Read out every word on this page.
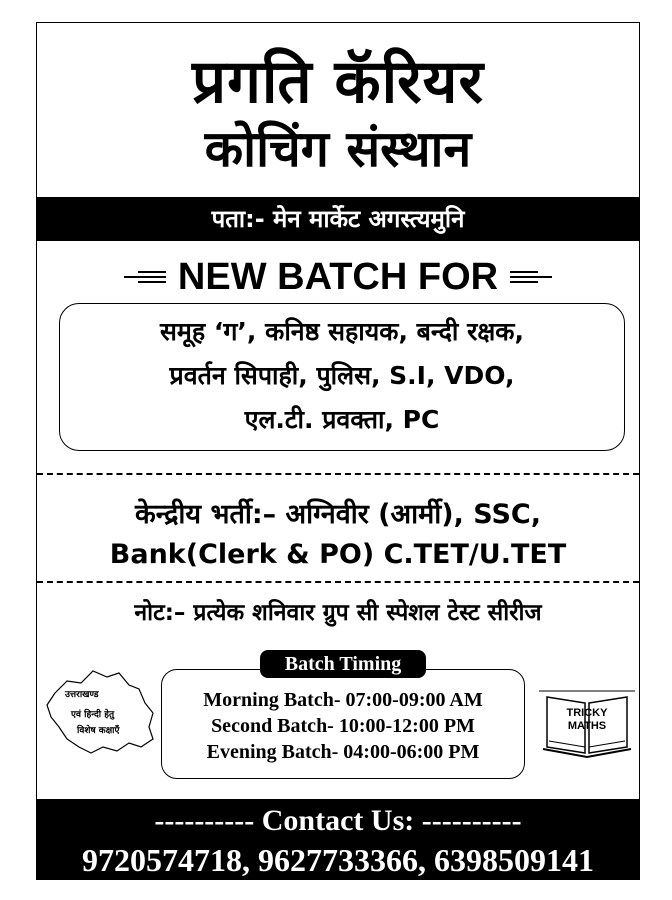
प्रगति कॅरियर
कोचिंग संस्थान
पता:- मेन मार्केट अगस्त्यमुनि
NEW BATCH FOR
समूह ‘ग’, कनिष्ठ सहायक, बन्दी रक्षक,
प्रवर्तन सिपाही, पुलिस, S.I, VDO,
एल.टी. प्रवक्ता, PC
केन्द्रीय भर्ती:– अग्निवीर (आर्मी), SSC,
Bank(Clerk & PO) C.TET/U.TET
नोट:– प्रत्येक शनिवार ग्रुप सी स्पेशल टेस्ट सीरीज
उत्तराखण्ड
एवं हिन्दी हेतु
विशेष कक्षाएँ
Morning Batch- 07:00-09:00 AM
Second Batch- 10:00-12:00 PM
Evening Batch- 04:00-06:00 PM
Batch Timing
TRICKY
MATHS
---------- Contact Us: ----------
9720574718, 9627733366, 6398509141
